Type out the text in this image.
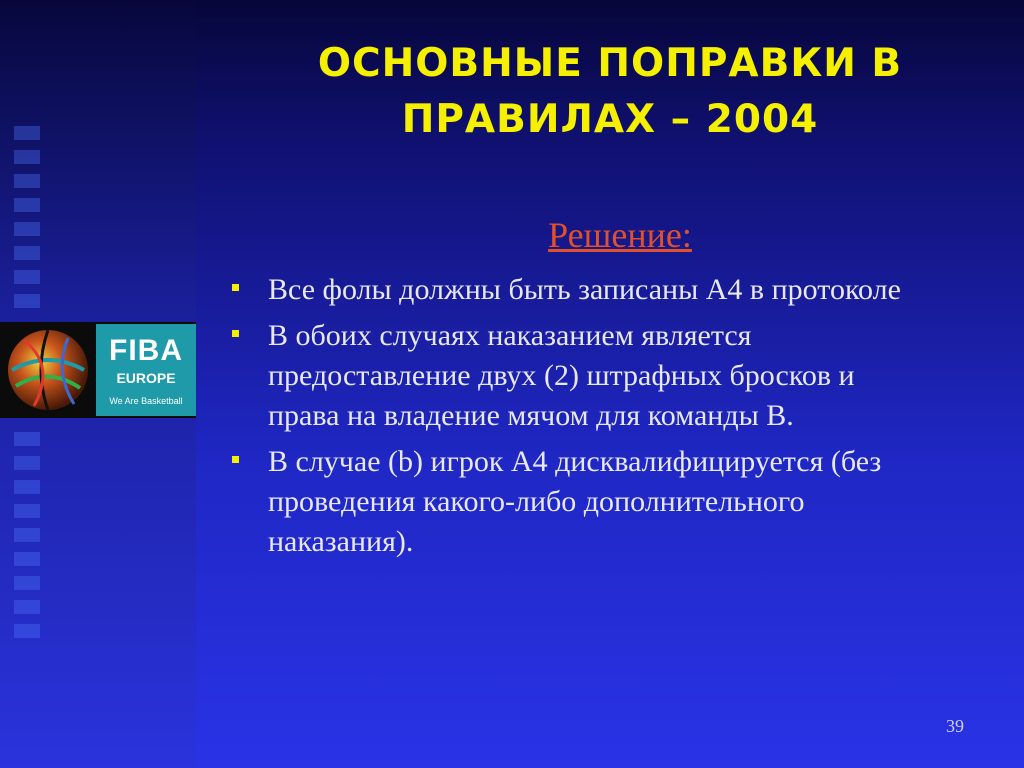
FIBA
EUROPE
We Are Basketball
ОСНОВНЫЕ ПОПРАВКИ В
ПРАВИЛАХ – 2004
Решение:
Все фолы должны быть записаны А4 в протоколе
В обоих случаях наказанием является
предоставление двух (2) штрафных бросков и
права на владение мячом для команды В.
В случае (b) игрок А4 дисквалифицируется (без
проведения какого-либо дополнительного
наказания).
39
